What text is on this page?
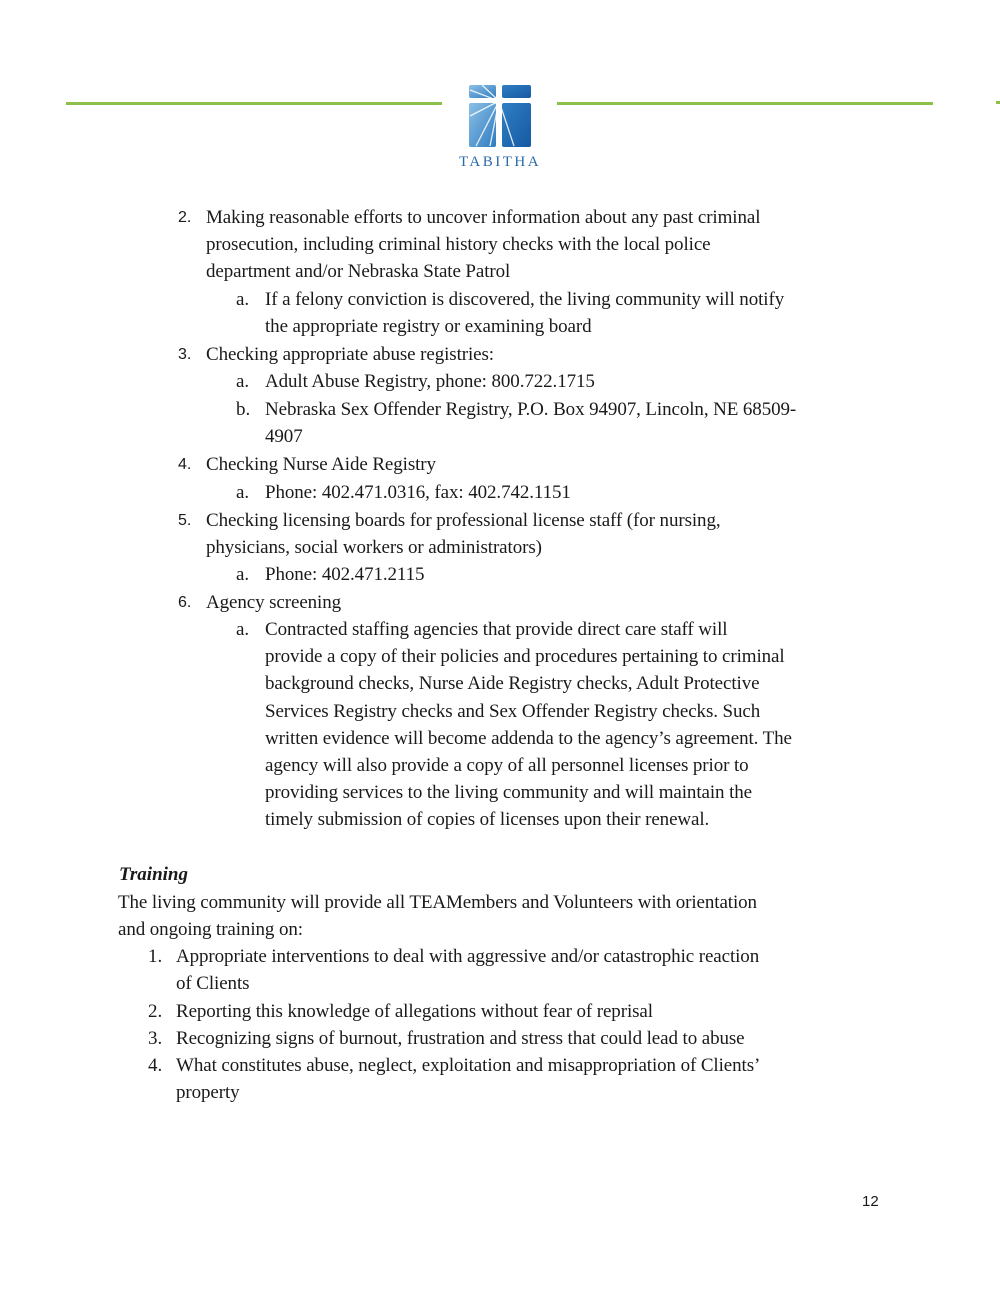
TABITHA
2. Making reasonable efforts to uncover information about any past criminal
prosecution, including criminal history checks with the local police
department and/or Nebraska State Patrol
a. If a felony conviction is discovered, the living community will notify
the appropriate registry or examining board
3. Checking appropriate abuse registries:
a. Adult Abuse Registry, phone: 800.722.1715
b. Nebraska Sex Offender Registry, P.O. Box 94907, Lincoln, NE 68509-
4907
4. Checking Nurse Aide Registry
a. Phone: 402.471.0316, fax: 402.742.1151
5. Checking licensing boards for professional license staff (for nursing,
physicians, social workers or administrators)
a. Phone: 402.471.2115
6. Agency screening
a. Contracted staffing agencies that provide direct care staff will
provide a copy of their policies and procedures pertaining to criminal
background checks, Nurse Aide Registry checks, Adult Protective
Services Registry checks and Sex Offender Registry checks. Such
written evidence will become addenda to the agency’s agreement. The
agency will also provide a copy of all personnel licenses prior to
providing services to the living community and will maintain the
timely submission of copies of licenses upon their renewal.
Training
The living community will provide all TEAMembers and Volunteers with orientation
and ongoing training on:
1. Appropriate interventions to deal with aggressive and/or catastrophic reaction
of Clients
2. Reporting this knowledge of allegations without fear of reprisal
3. Recognizing signs of burnout, frustration and stress that could lead to abuse
4. What constitutes abuse, neglect, exploitation and misappropriation of Clients’
property
12
